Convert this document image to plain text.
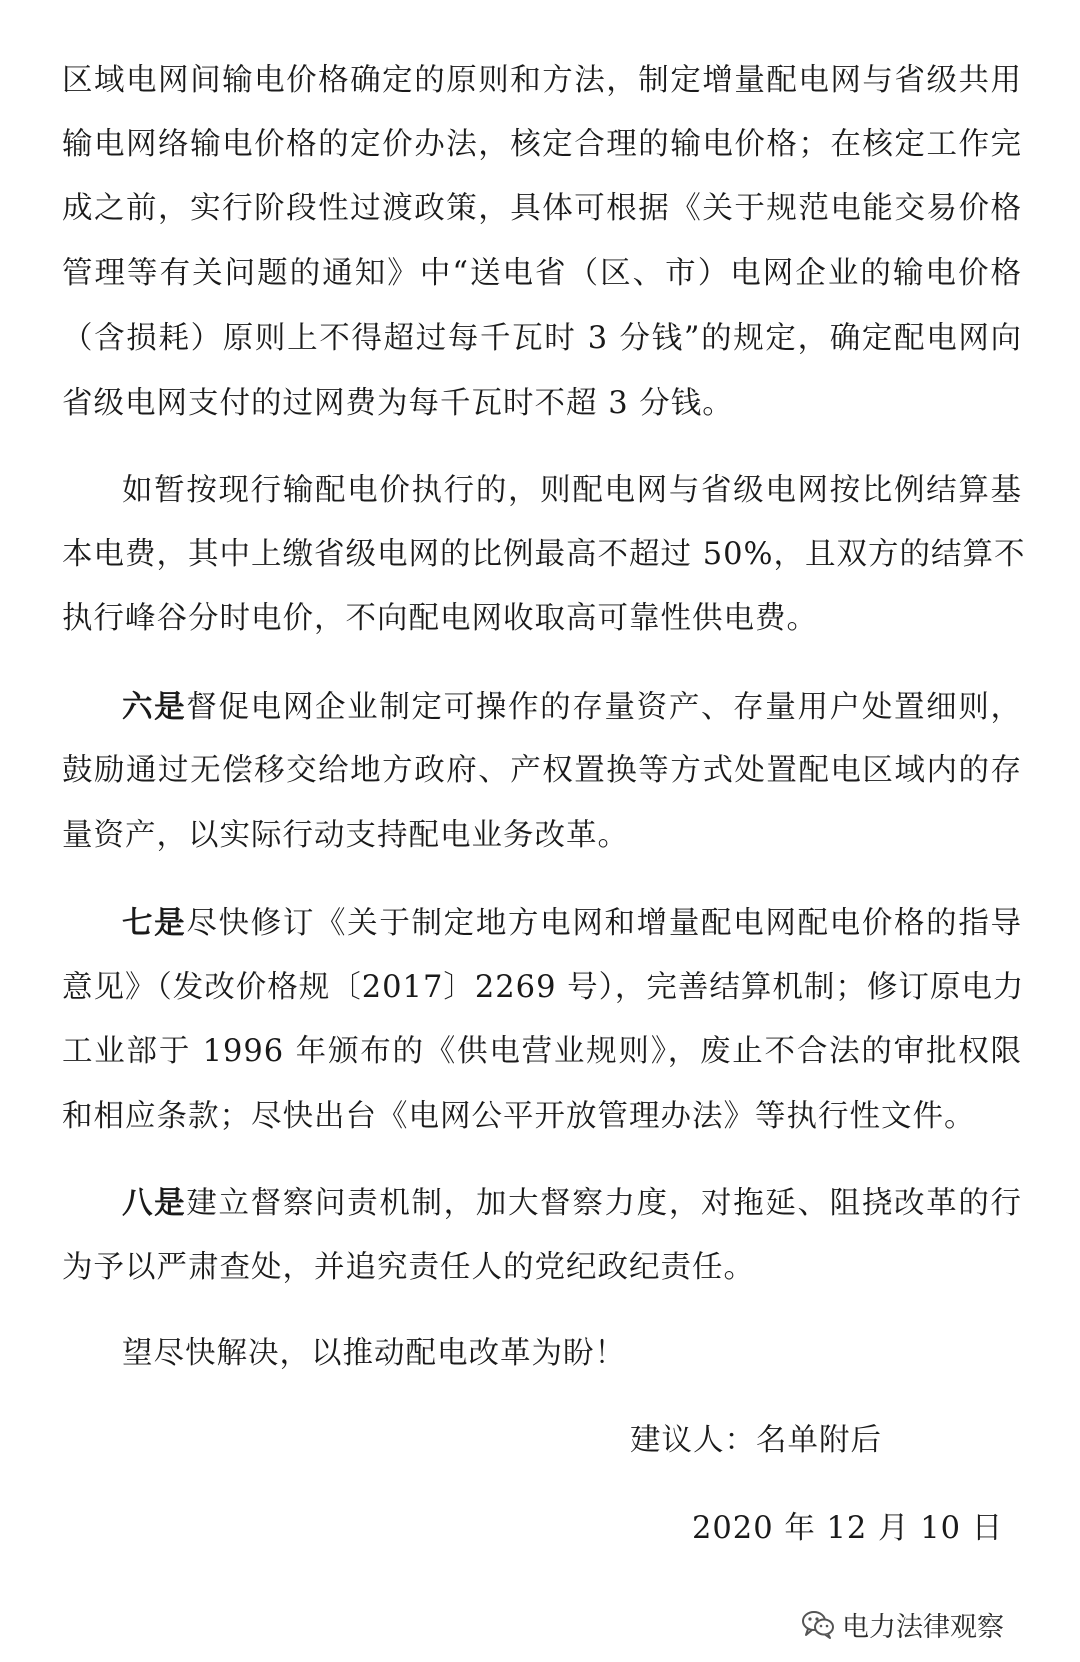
区域电网间输电价格确定的原则和方法，制定增量配电网与省级共用
输电网络输电价格的定价办法，核定合理的输电价格；在核定工作完
成之前，实行阶段性过渡政策，具体可根据《关于规范电能交易价格
管理等有关问题的通知》中“送电省（区、市）电网企业的输电价格
（含损耗）原则上不得超过每千瓦时 3 分钱”的规定，确定配电网向
省级电网支付的过网费为每千瓦时不超 3 分钱。
如暂按现行输配电价执行的，则配电网与省级电网按比例结算基
本电费，其中上缴省级电网的比例最高不超过 50%，且双方的结算不
执行峰谷分时电价，不向配电网收取高可靠性供电费。
六是督促电网企业制定可操作的存量资产、存量用户处置细则，
鼓励通过无偿移交给地方政府、产权置换等方式处置配电区域内的存
量资产，以实际行动支持配电业务改革。
七是尽快修订《关于制定地方电网和增量配电网配电价格的指导
意见》（发改价格规〔2017〕2269 号），完善结算机制；修订原电力
工业部于 1996 年颁布的《供电营业规则》，废止不合法的审批权限
和相应条款；尽快出台《电网公平开放管理办法》等执行性文件。
八是建立督察问责机制，加大督察力度，对拖延、阻挠改革的行
为予以严肃查处，并追究责任人的党纪政纪责任。
望尽快解决，以推动配电改革为盼！
建议人：名单附后
2020 年 12 月 10 日
电力法律观察
